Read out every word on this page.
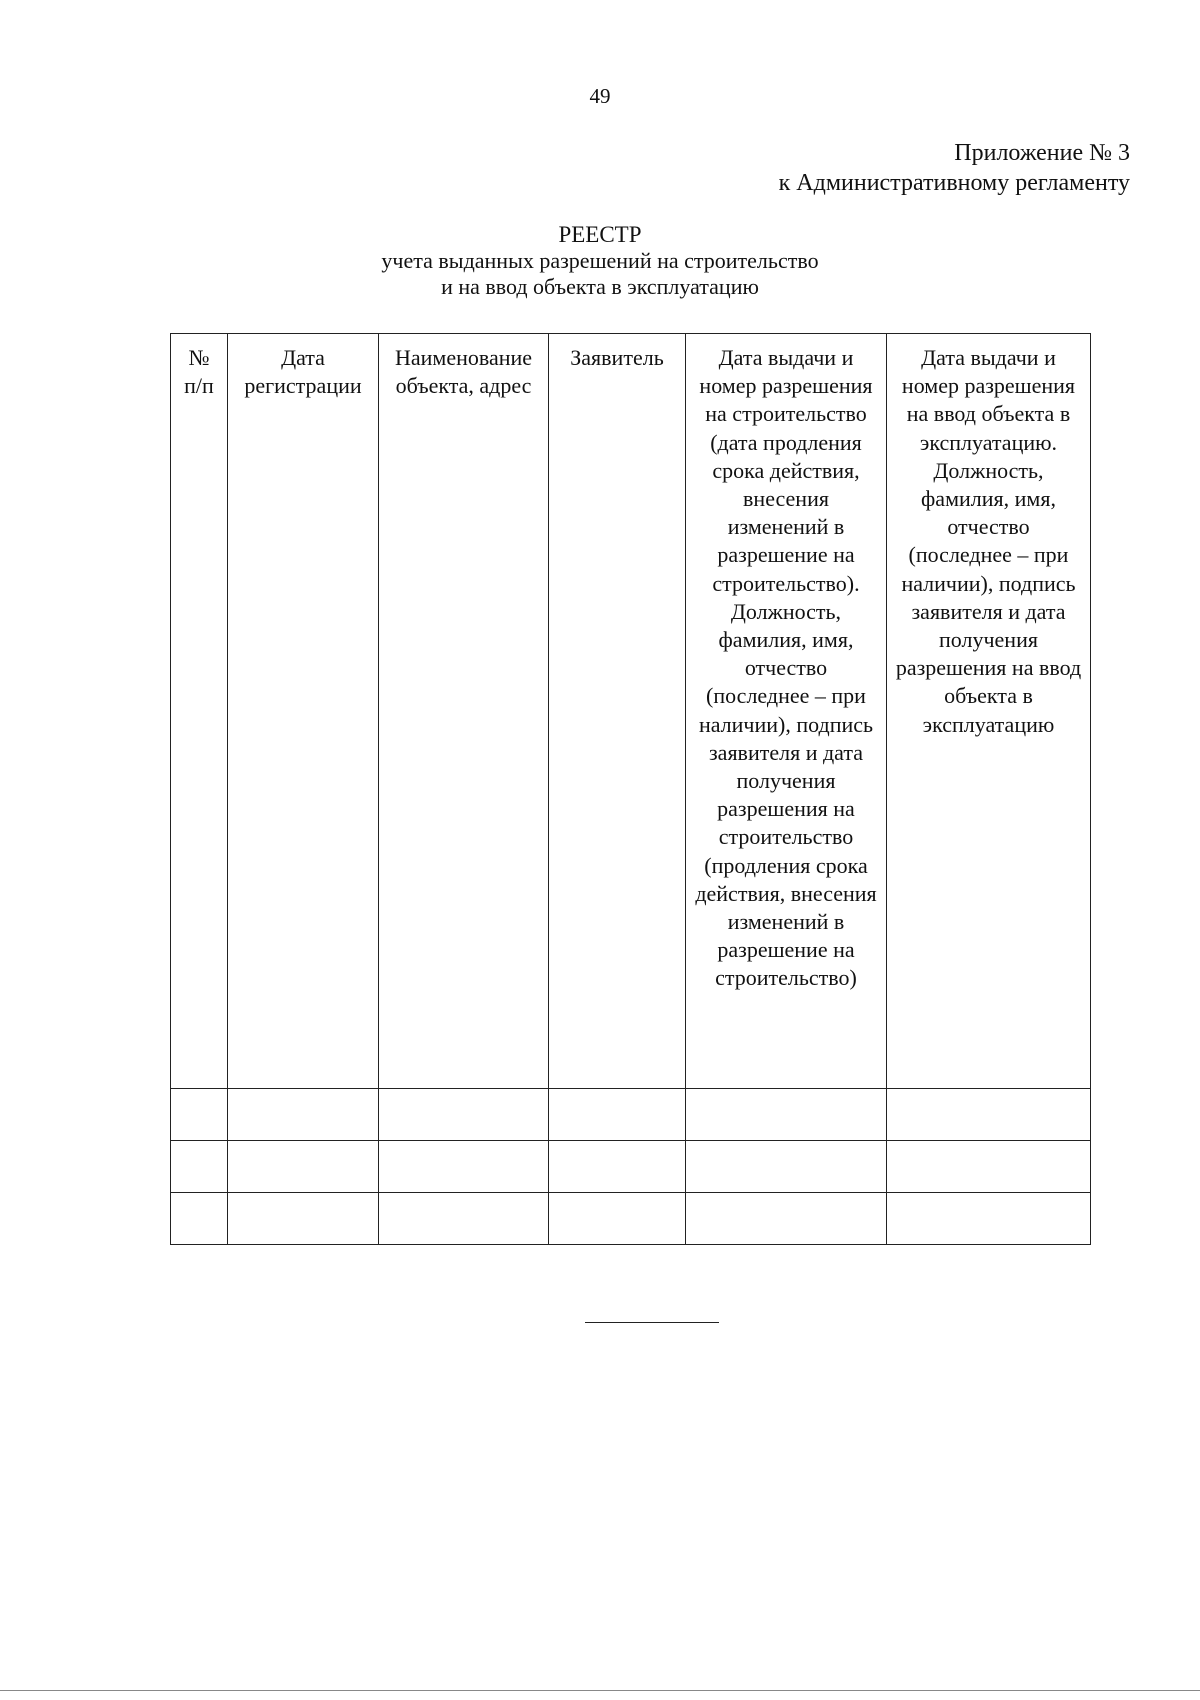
49
Приложение № 3
к Административному регламенту
РЕЕСТР
учета выданных разрешений на строительство
и на ввод объекта в эксплуатацию
№ п/п	Дата регистрации	Наименование объекта, адрес	Заявитель	Дата выдачи и номер разрешения на строительство (дата продления срока действия, внесения изменений в разрешение на строительство). Должность, фамилия, имя, отчество (последнее – при наличии), подпись заявителя и дата получения разрешения на строительство (продления срока действия, внесения изменений в разрешение на строительство)	Дата выдачи и номер разрешения на ввод объекта в эксплуатацию. Должность, фамилия, имя, отчество (последнее – при наличии), подпись заявителя и дата получения разрешения на ввод объекта в эксплуатацию
